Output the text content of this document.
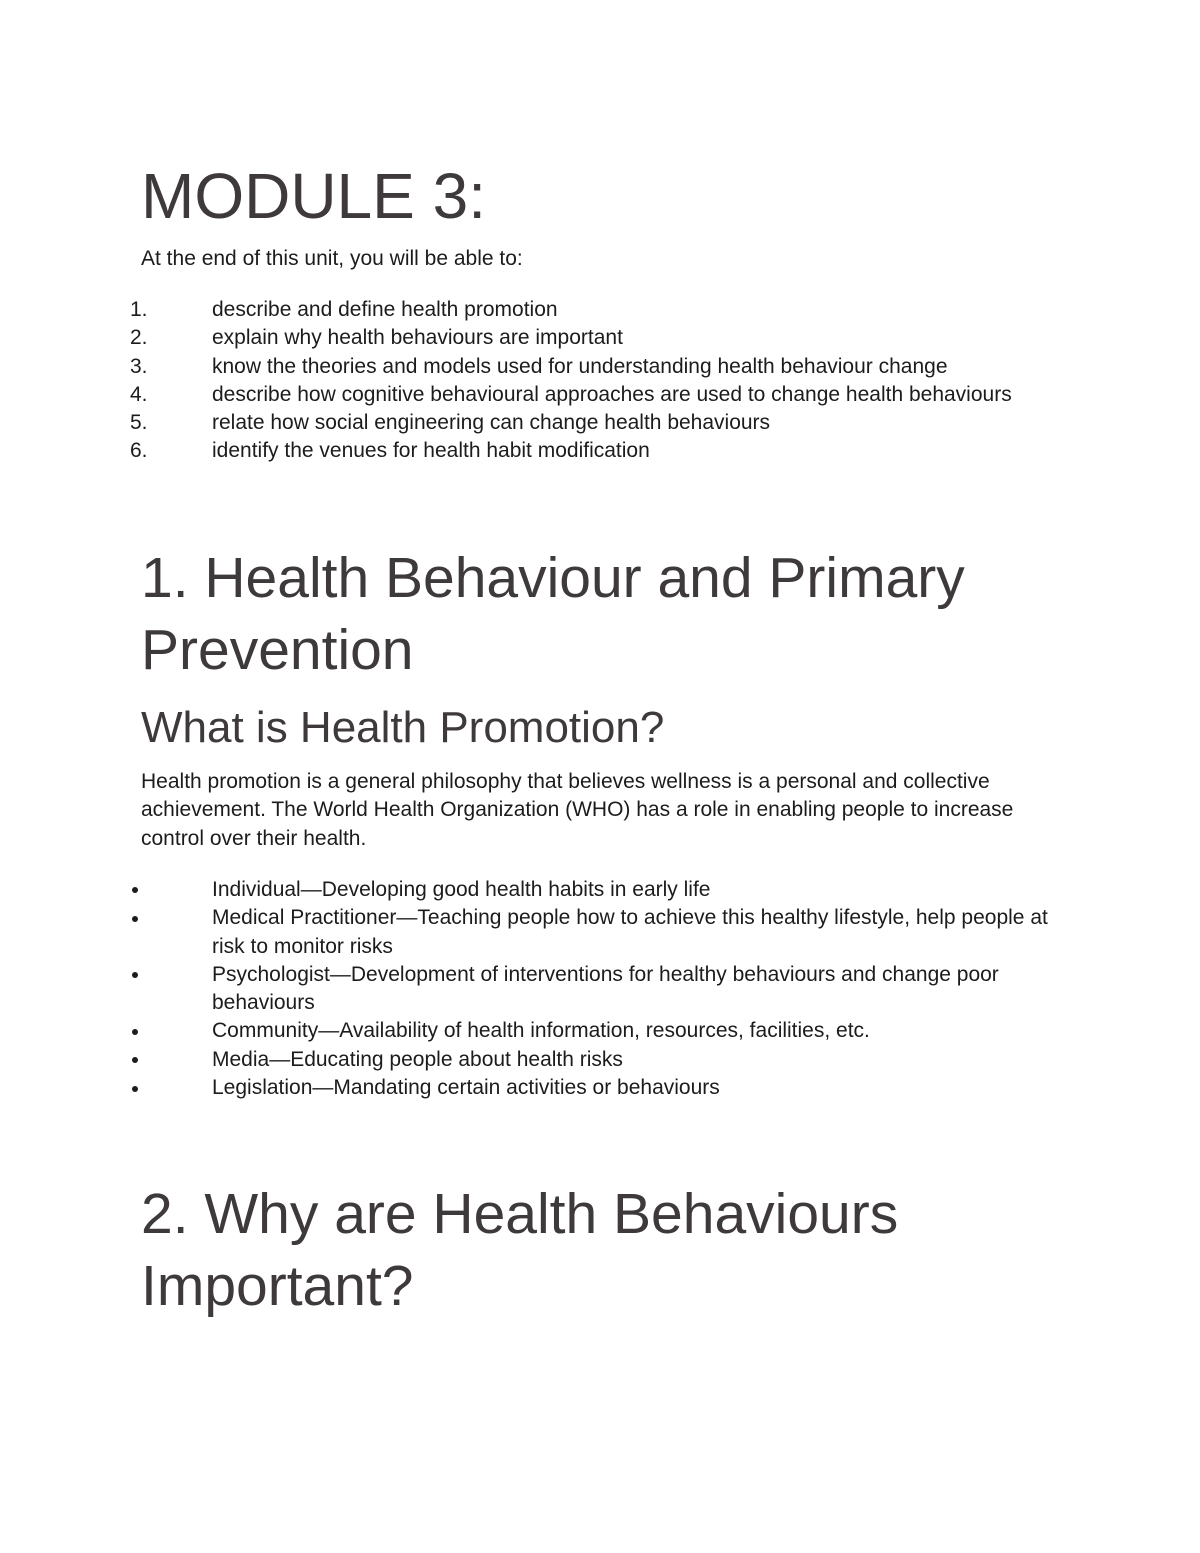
MODULE 3:

At the end of this unit, you will be able to:

1.	describe and define health promotion
2.	explain why health behaviours are important
3.	know the theories and models used for understanding health behaviour change
4.	describe how cognitive behavioural approaches are used to change health behaviours
5.	relate how social engineering can change health behaviours
6.	identify the venues for health habit modification
1. Health Behaviour and Primary Prevention
What is Health Promotion?

Health promotion is a general philosophy that believes wellness is a personal and collective achievement. The World Health Organization (WHO) has a role in enabling people to increase control over their health.

Individual—Developing good health habits in early life
Medical Practitioner—Teaching people how to achieve this healthy lifestyle, help people at risk to monitor risks
Psychologist—Development of interventions for healthy behaviours and change poor behaviours
Community—Availability of health information, resources, facilities, etc.
Media—Educating people about health risks
Legislation—Mandating certain activities or behaviours
2. Why are Health Behaviours Important?
